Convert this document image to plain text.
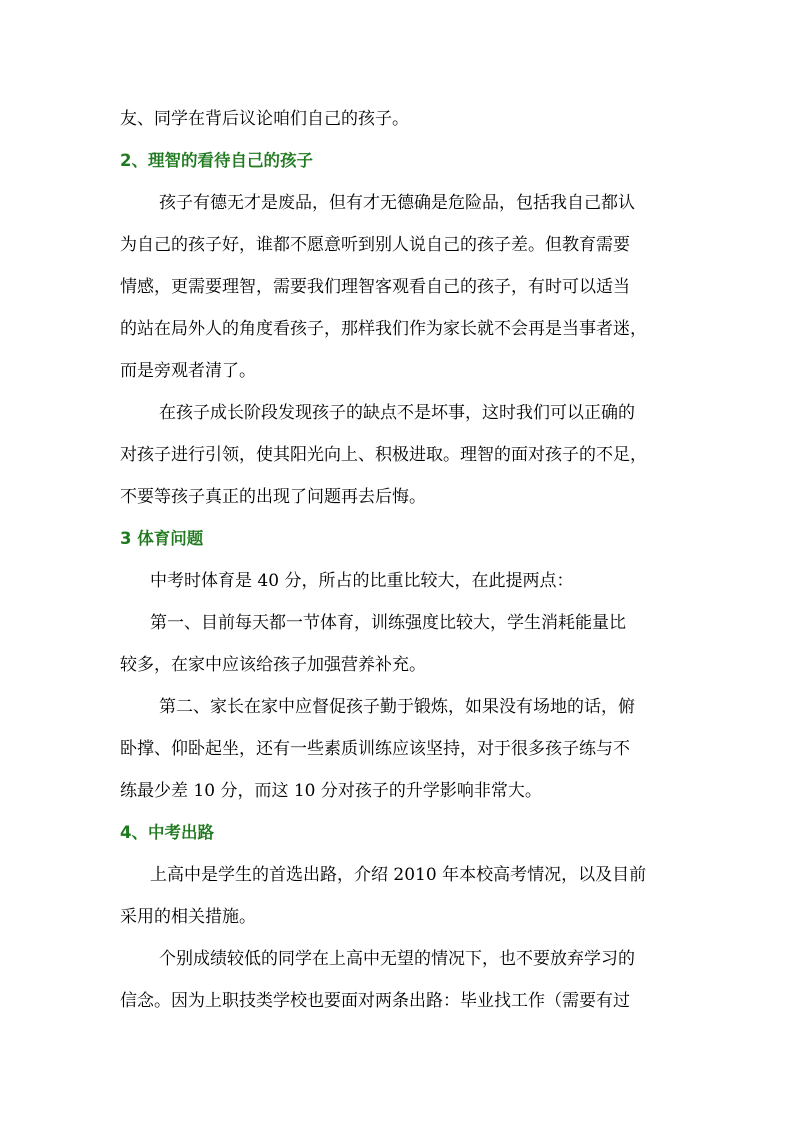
友、同学在背后议论咱们自己的孩子。
2、理智的看待自己的孩子
孩子有德无才是废品，但有才无德确是危险品，包括我自己都认
为自己的孩子好，谁都不愿意听到别人说自己的孩子差。但教育需要
情感，更需要理智，需要我们理智客观看自己的孩子，有时可以适当
的站在局外人的角度看孩子，那样我们作为家长就不会再是当事者迷，
而是旁观者清了。
在孩子成长阶段发现孩子的缺点不是坏事，这时我们可以正确的
对孩子进行引领，使其阳光向上、积极进取。理智的面对孩子的不足，
不要等孩子真正的出现了问题再去后悔。
3 体育问题
中考时体育是 40 分，所占的比重比较大，在此提两点：
第一、目前每天都一节体育，训练强度比较大，学生消耗能量比
较多，在家中应该给孩子加强营养补充。
第二、家长在家中应督促孩子勤于锻炼，如果没有场地的话，俯
卧撑、仰卧起坐，还有一些素质训练应该坚持，对于很多孩子练与不
练最少差 10 分，而这 10 分对孩子的升学影响非常大。
4、中考出路
上高中是学生的首选出路，介绍 2010 年本校高考情况，以及目前
采用的相关措施。
个别成绩较低的同学在上高中无望的情况下，也不要放弃学习的
信念。因为上职技类学校也要面对两条出路：毕业找工作（需要有过
